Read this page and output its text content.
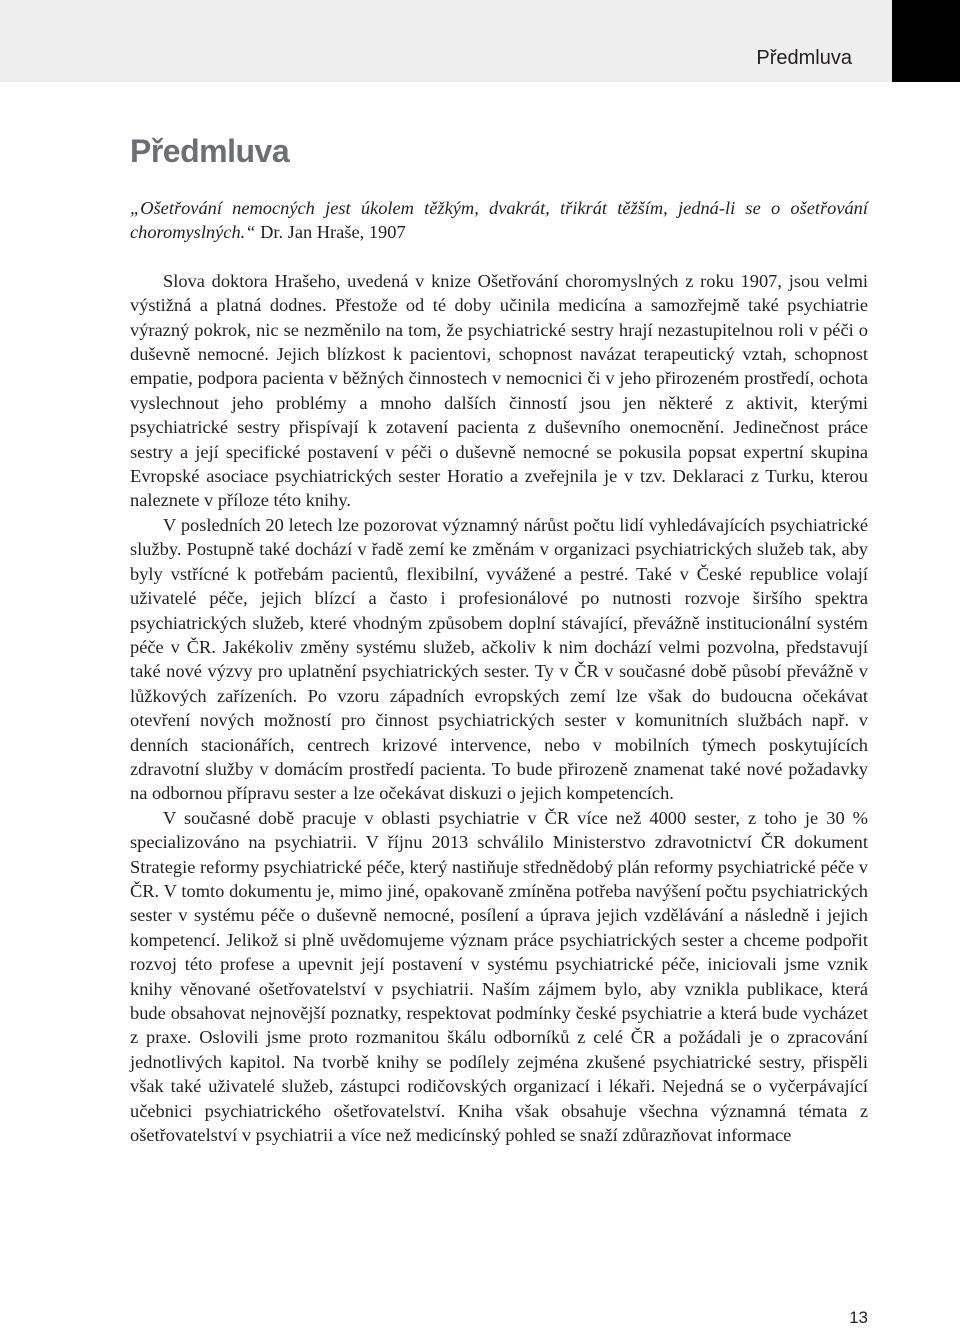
Předmluva
Předmluva

„Ošetřování nemocných jest úkolem těžkým, dvakrát, třikrát těžším, jedná-li se o ošetřování choromyslných.“ Dr. Jan Hraše, 1907

Slova doktora Hrašeho, uvedená v knize Ošetřování choromyslných z roku 1907, jsou velmi výstižná a platná dodnes. Přestože od té doby učinila medicína a samozřejmě také psychiatrie výrazný pokrok, nic se nezměnilo na tom, že psychiatrické sestry hrají nezastupitelnou roli v péči o duševně nemocné. Jejich blízkost k pacientovi, schopnost navázat terapeutický vztah, schopnost empatie, podpora pacienta v běžných činnostech v nemocnici či v jeho přirozeném prostředí, ochota vyslechnout jeho problémy a mnoho dalších činností jsou jen některé z aktivit, kterými psychiatrické sestry přispívají k zotavení pacienta z duševního onemocnění. Jedinečnost práce sestry a její specifické postavení v péči o duševně nemocné se pokusila popsat expertní skupina Evropské asociace psychiatrických sester Horatio a zveřejnila je v tzv. Deklaraci z Turku, kterou naleznete v příloze této knihy.

V posledních 20 letech lze pozorovat významný nárůst počtu lidí vyhledávajících psychiatrické služby. Postupně také dochází v řadě zemí ke změnám v organizaci psychiatrických služeb tak, aby byly vstřícné k potřebám pacientů, flexibilní, vyvážené a pestré. Také v České republice volají uživatelé péče, jejich blízcí a často i profesionálové po nutnosti rozvoje širšího spektra psychiatrických služeb, které vhodným způsobem doplní stávající, převážně institucionální systém péče v ČR. Jakékoliv změny systému služeb, ačkoliv k nim dochází velmi pozvolna, představují také nové výzvy pro uplatnění psychiatrických sester. Ty v ČR v současné době působí převážně v lůžkových zařízeních. Po vzoru západních evropských zemí lze však do budoucna očekávat otevření nových možností pro činnost psychiatrických sester v komunitních službách např. v denních stacionářích, centrech krizové intervence, nebo v mobilních týmech poskytujících zdravotní služby v domácím prostředí pacienta. To bude přirozeně znamenat také nové požadavky na odbornou přípravu sester a lze očekávat diskuzi o jejich kompetencích.

V současné době pracuje v oblasti psychiatrie v ČR více než 4000 sester, z toho je 30 % specializováno na psychiatrii. V říjnu 2013 schválilo Ministerstvo zdravotnictví ČR dokument Strategie reformy psychiatrické péče, který nastiňuje střednědobý plán reformy psychiatrické péče v ČR. V tomto dokumentu je, mimo jiné, opakovaně zmíněna potřeba navýšení počtu psychiatrických sester v systému péče o duševně nemocné, posílení a úprava jejich vzdělávání a následně i jejich kompetencí. Jelikož si plně uvědomujeme význam práce psychiatrických sester a chceme podpořit rozvoj této profese a upevnit její postavení v systému psychiatrické péče, iniciovali jsme vznik knihy věnované ošetřovatelství v psychiatrii. Naším zájmem bylo, aby vznikla publikace, která bude obsahovat nejnovější poznatky, respektovat podmínky české psychiatrie a která bude vycházet z praxe. Oslovili jsme proto rozmanitou škálu odborníků z celé ČR a požádali je o zpracování jednotlivých kapitol. Na tvorbě knihy se podílely zejména zkušené psychiatrické sestry, přispěli však také uživatelé služeb, zástupci rodičovských organizací i lékaři. Nejedná se o vyčerpávající učebnici psychiatrického ošetřovatelství. Kniha však obsahuje všechna významná témata z ošetřovatelství v psychiatrii a více než medicínský pohled se snaží zdůrazňovat informace

13
